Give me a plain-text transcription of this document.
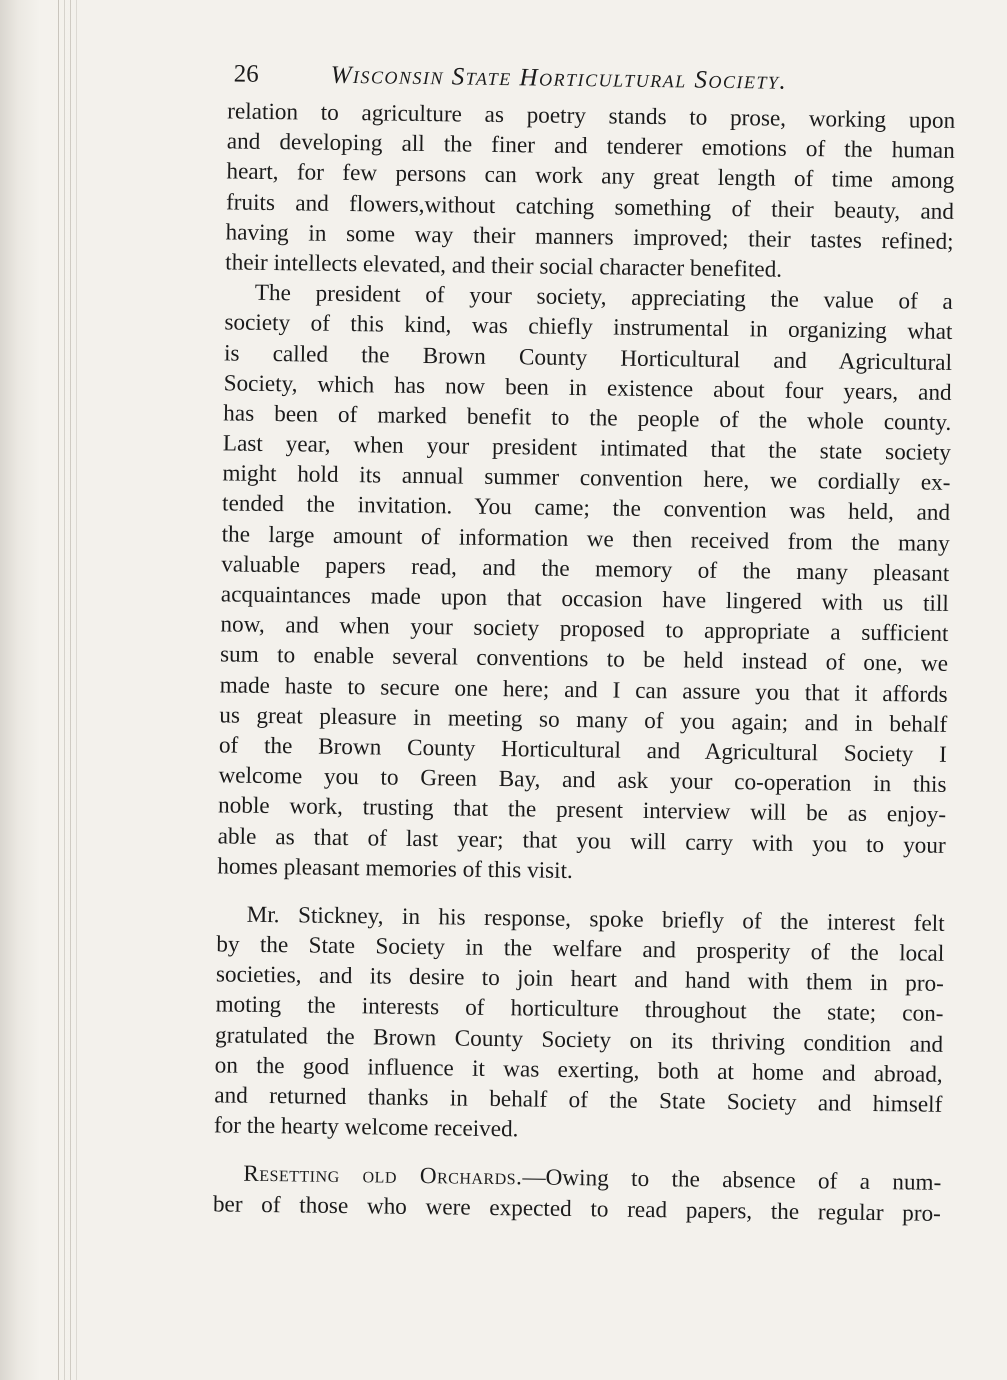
26	Wisconsin State Horticultural Society.
relation to agriculture as poetry stands to prose, working upon
and developing all the finer and tenderer emotions of the human
heart, for few persons can work any great length of time among
fruits and flowers,without catching something of their beauty, and
having in some way their manners improved; their tastes refined;
their intellects elevated, and their social character benefited.
The president of your society, appreciating the value of a
society of this kind, was chiefly instrumental in organizing what
is called the Brown County Horticultural and Agricultural
Society, which has now been in existence about four years, and
has been of marked benefit to the people of the whole county.
Last year, when your president intimated that the state society
might hold its annual summer convention here, we cordially ex-
tended the invitation. You came; the convention was held, and
the large amount of information we then received from the many
valuable papers read, and the memory of the many pleasant
acquaintances made upon that occasion have lingered with us till
now, and when your society proposed to appropriate a sufficient
sum to enable several conventions to be held instead of one, we
made haste to secure one here; and I can assure you that it affords
us great pleasure in meeting so many of you again; and in behalf
of the Brown County Horticultural and Agricultural Society I
welcome you to Green Bay, and ask your co-operation in this
noble work, trusting that the present interview will be as enjoy-
able as that of last year; that you will carry with you to your
homes pleasant memories of this visit.
Mr. Stickney, in his response, spoke briefly of the interest felt
by the State Society in the welfare and prosperity of the local
societies, and its desire to join heart and hand with them in pro-
moting the interests of horticulture throughout the state; con-
gratulated the Brown County Society on its thriving condition and
on the good influence it was exerting, both at home and abroad,
and returned thanks in behalf of the State Society and himself
for the hearty welcome received.
Resetting old Orchards.—Owing to the absence of a num-
ber of those who were expected to read papers, the regular pro-
